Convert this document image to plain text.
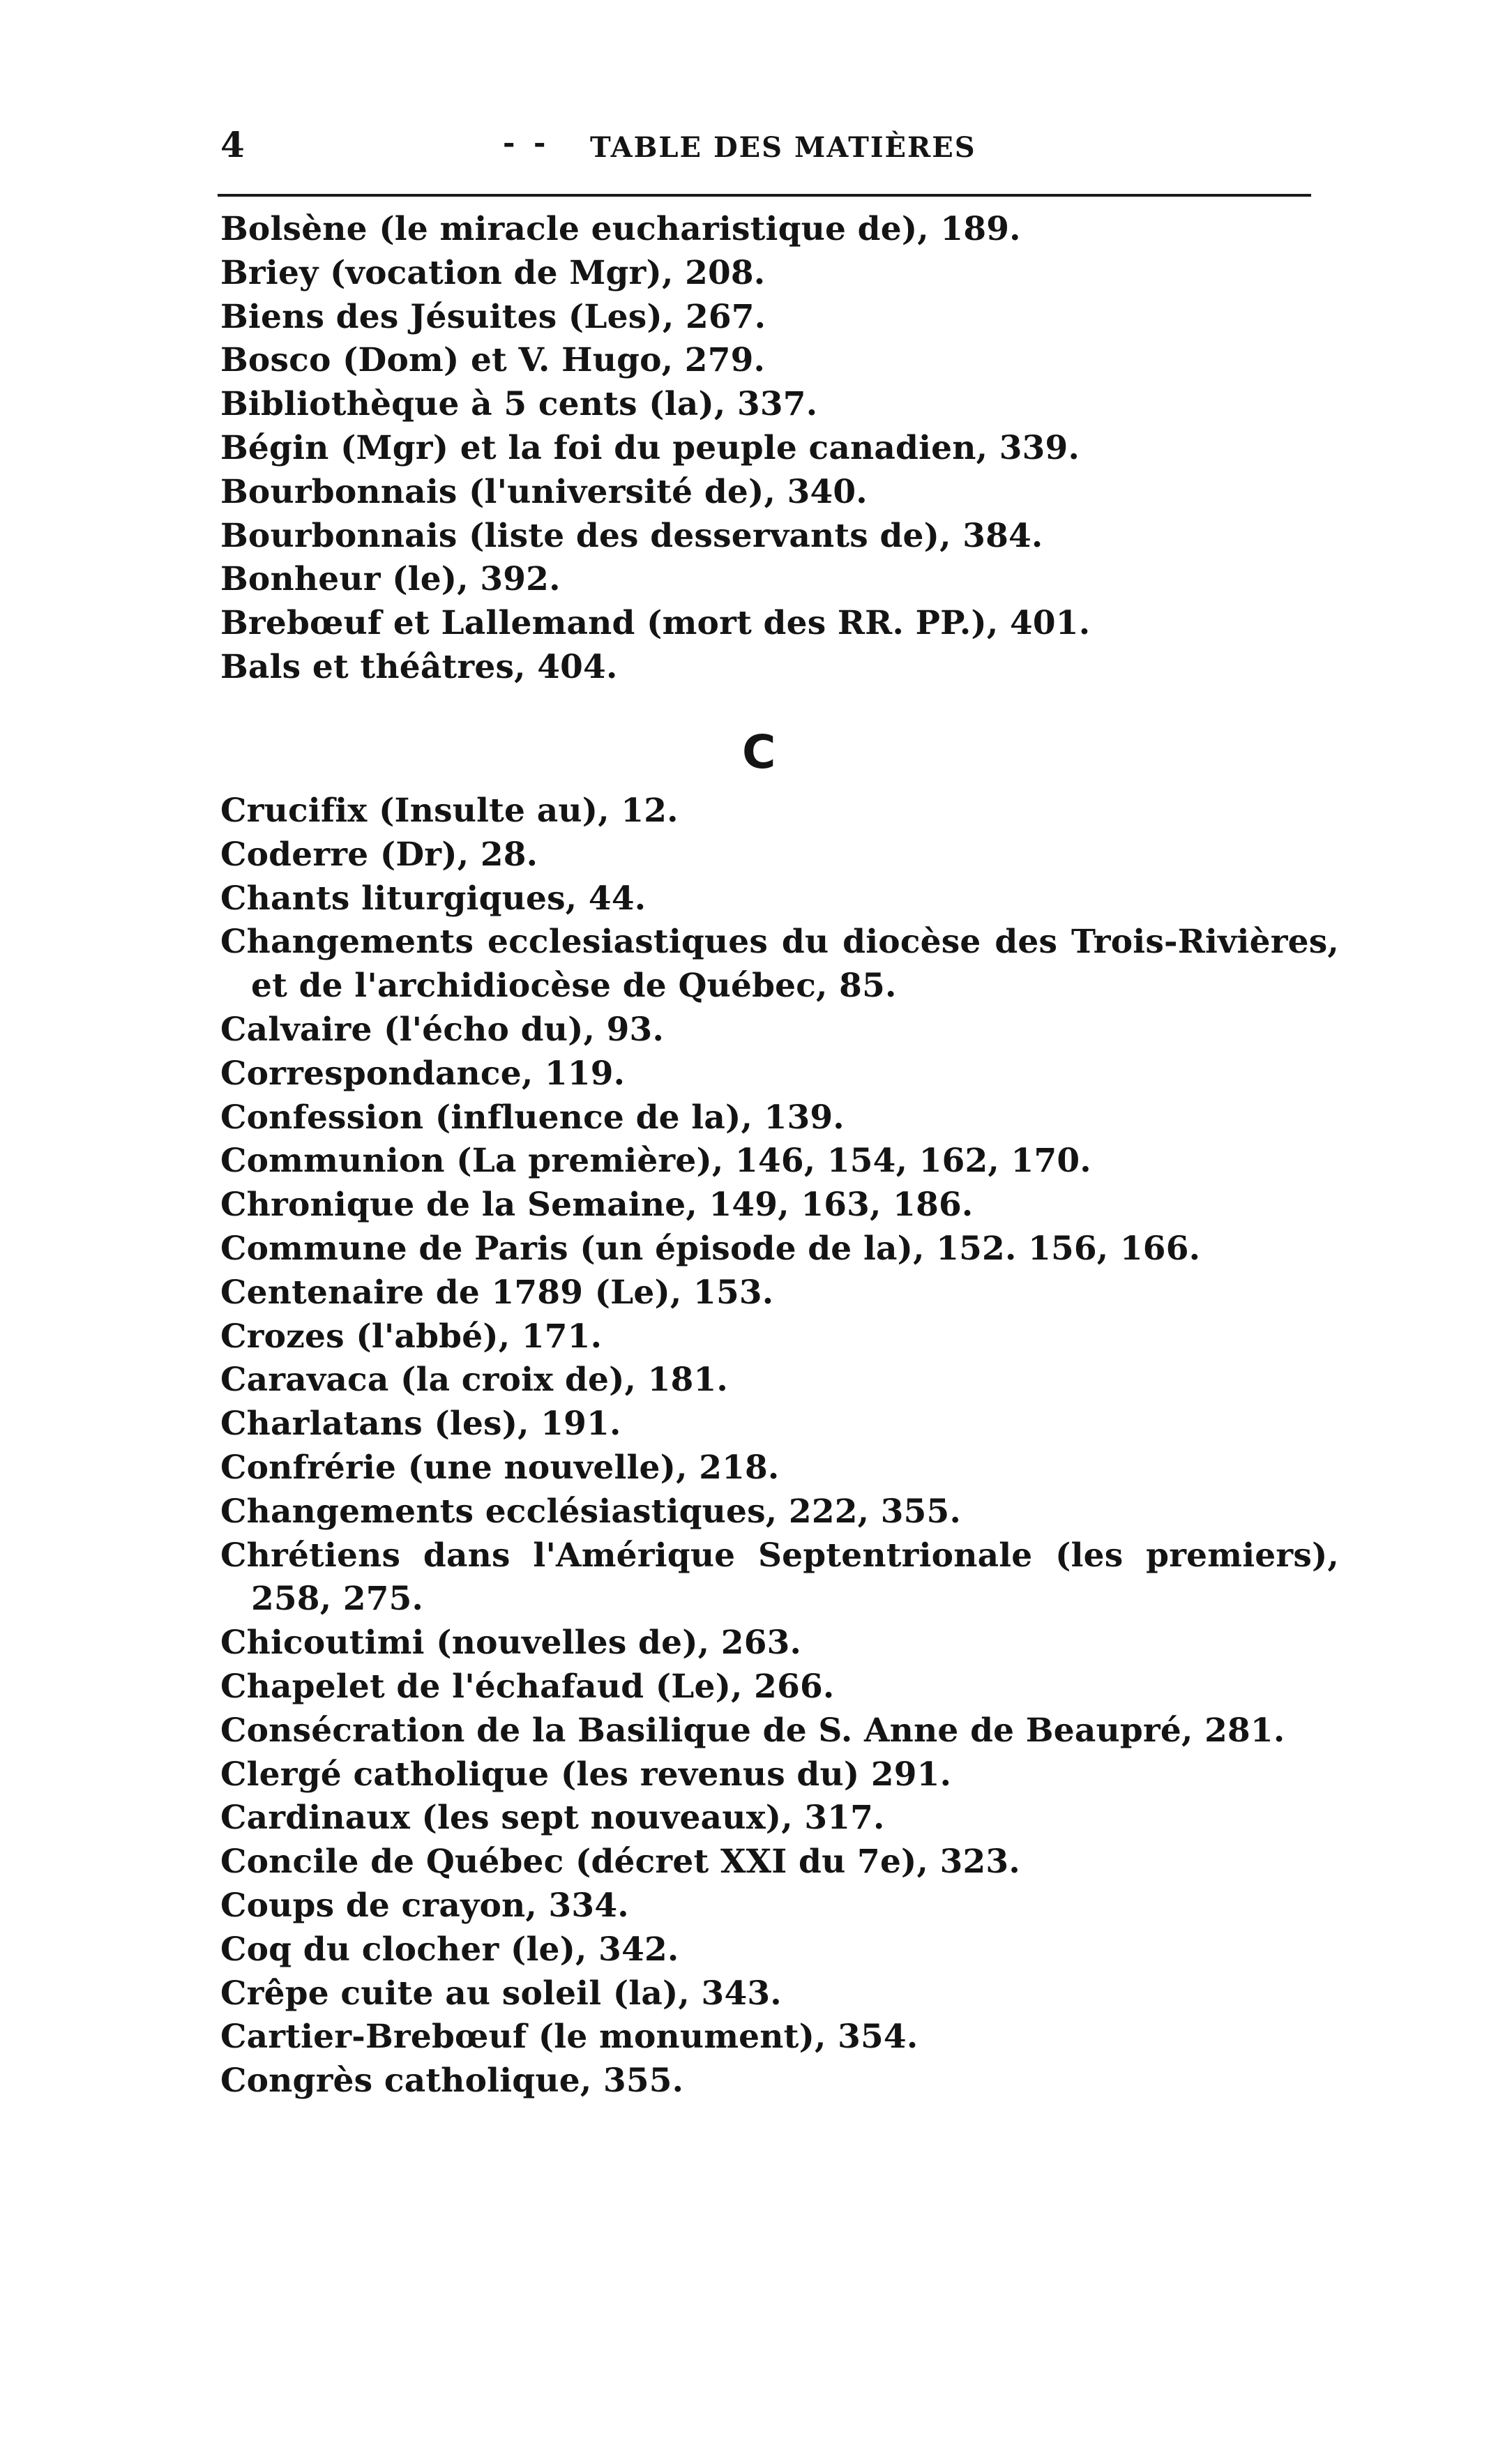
4	- - TABLE DES MATIÈRES
Bolsène (le miracle eucharistique de), 189.
Briey (vocation de Mgr), 208.
Biens des Jésuites (Les), 267.
Bosco (Dom) et V. Hugo, 279.
Bibliothèque à 5 cents (la), 337.
Bégin (Mgr) et la foi du peuple canadien, 339.
Bourbonnais (l'université de), 340.
Bourbonnais (liste des desservants de), 384.
Bonheur (le), 392.
Brebœuf et Lallemand (mort des RR. PP.), 401.
Bals et théâtres, 404.
C
Crucifix (Insulte au), 12.
Coderre (Dr), 28.
Chants liturgiques, 44.
Changements ecclesiastiques du diocèse des Trois-Rivières, et de l'archidiocèse de Québec, 85.
Calvaire (l'écho du), 93.
Correspondance, 119.
Confession (influence de la), 139.
Communion (La première), 146, 154, 162, 170.
Chronique de la Semaine, 149, 163, 186.
Commune de Paris (un épisode de la), 152. 156, 166.
Centenaire de 1789 (Le), 153.
Crozes (l'abbé), 171.
Caravaca (la croix de), 181.
Charlatans (les), 191.
Confrérie (une nouvelle), 218.
Changements ecclésiastiques, 222, 355.
Chrétiens dans l'Amérique Septentrionale (les premiers), 258, 275.
Chicoutimi (nouvelles de), 263.
Chapelet de l'échafaud (Le), 266.
Consécration de la Basilique de S. Anne de Beaupré, 281.
Clergé catholique (les revenus du) 291.
Cardinaux (les sept nouveaux), 317.
Concile de Québec (décret XXI du 7e), 323.
Coups de crayon, 334.
Coq du clocher (le), 342.
Crêpe cuite au soleil (la), 343.
Cartier-Brebœuf (le monument), 354.
Congrès catholique, 355.
